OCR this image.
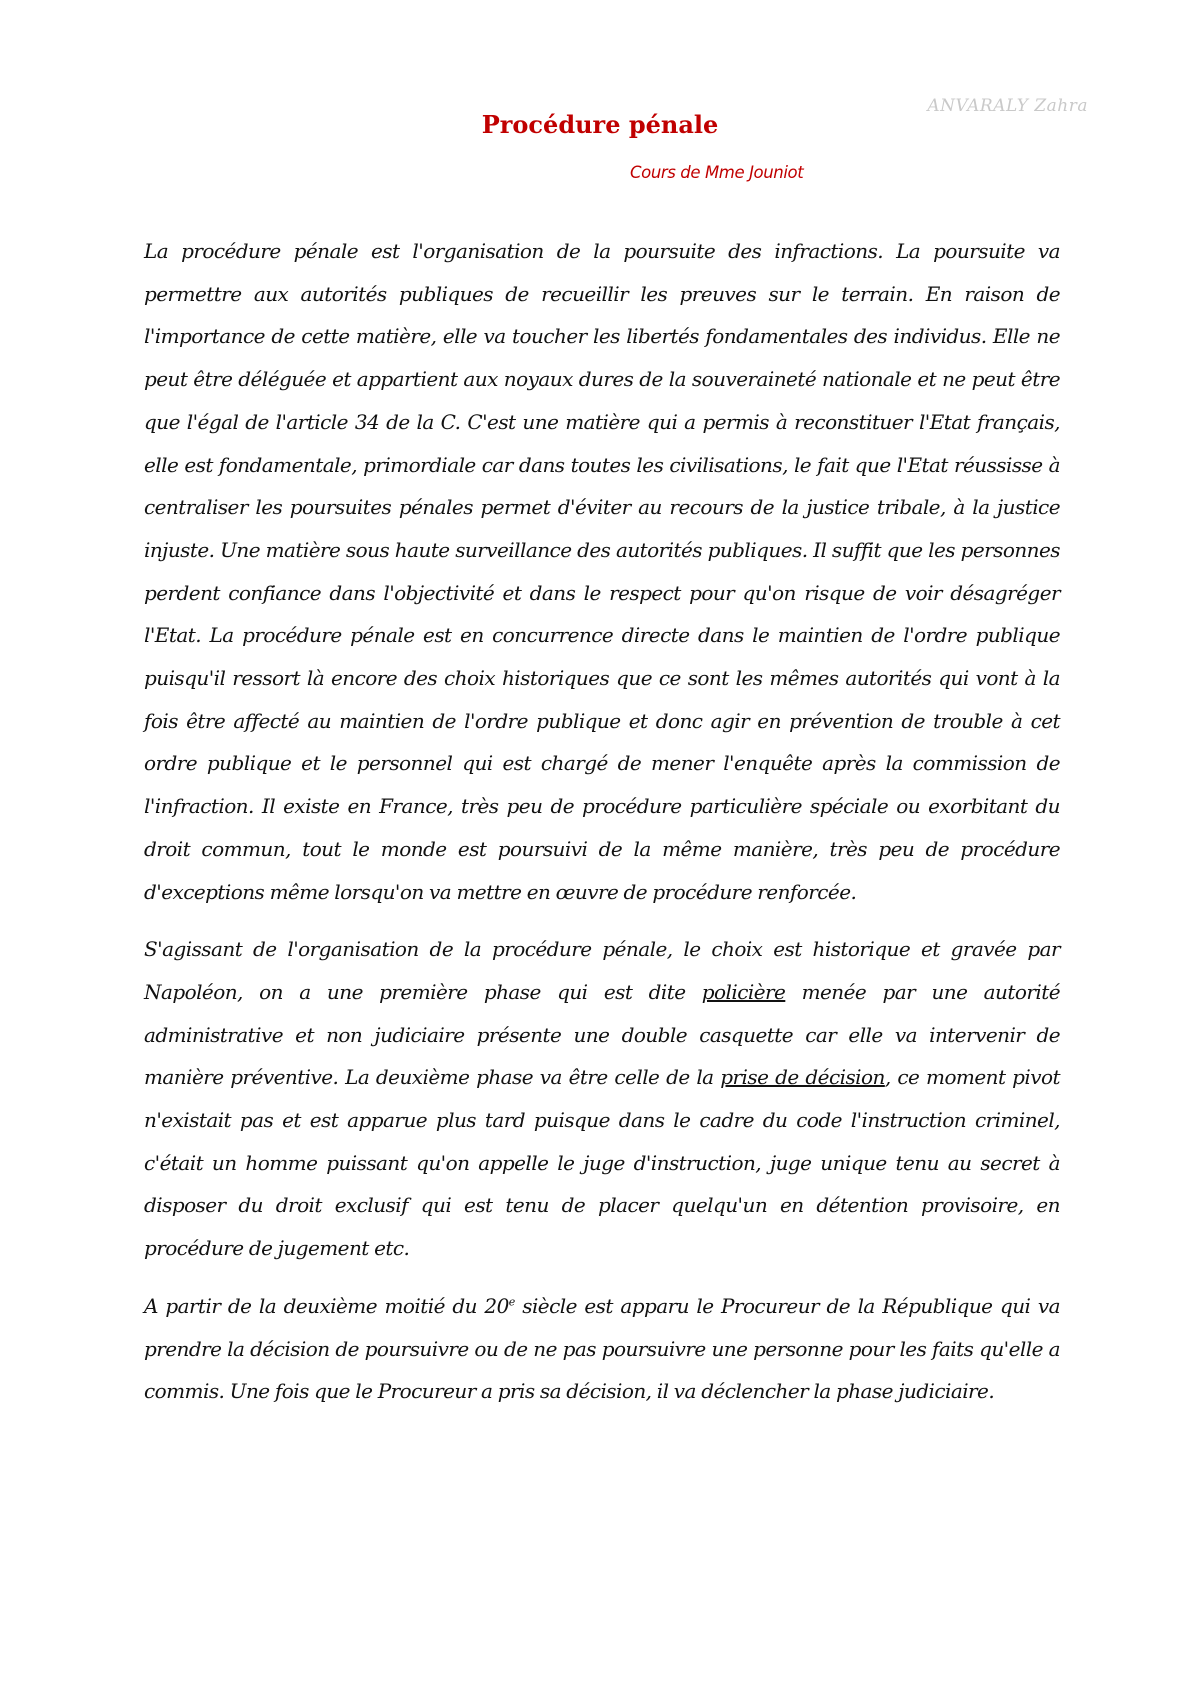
ANVARALY Zahra
Procédure pénale
Cours de Mme Jouniot

La procédure pénale est l'organisation de la poursuite des infractions. La poursuite va permettre aux autorités publiques de recueillir les preuves sur le terrain. En raison de l'importance de cette matière, elle va toucher les libertés fondamentales des individus. Elle ne peut être déléguée et appartient aux noyaux dures de la souveraineté nationale et ne peut être que l'égal de l'article 34 de la C. C'est une matière qui a permis à reconstituer l'Etat français, elle est fondamentale, primordiale car dans toutes les civilisations, le fait que l'Etat réussisse à centraliser les poursuites pénales permet d'éviter au recours de la justice tribale, à la justice injuste. Une matière sous haute surveillance des autorités publiques. Il suffit que les personnes perdent confiance dans l'objectivité et dans le respect pour qu'on risque de voir désagréger l'Etat. La procédure pénale est en concurrence directe dans le maintien de l'ordre publique puisqu'il ressort là encore des choix historiques que ce sont les mêmes autorités qui vont à la fois être affecté au maintien de l'ordre publique et donc agir en prévention de trouble à cet ordre publique et le personnel qui est chargé de mener l'enquête après la commission de l'infraction. Il existe en France, très peu de procédure particulière spéciale ou exorbitant du droit commun, tout le monde est poursuivi de la même manière, très peu de procédure d'exceptions même lorsqu'on va mettre en œuvre de procédure renforcée.

S'agissant de l'organisation de la procédure pénale, le choix est historique et gravée par Napoléon, on a une première phase qui est dite policière menée par une autorité administrative et non judiciaire présente une double casquette car elle va intervenir de manière préventive. La deuxième phase va être celle de la prise de décision, ce moment pivot n'existait pas et est apparue plus tard puisque dans le cadre du code l'instruction criminel, c'était un homme puissant qu'on appelle le juge d'instruction, juge unique tenu au secret à disposer du droit exclusif qui est tenu de placer quelqu'un en détention provisoire, en procédure de jugement etc.

A partir de la deuxième moitié du 20e siècle est apparu le Procureur de la République qui va prendre la décision de poursuivre ou de ne pas poursuivre une personne pour les faits qu'elle a commis. Une fois que le Procureur a pris sa décision, il va déclencher la phase judiciaire.
